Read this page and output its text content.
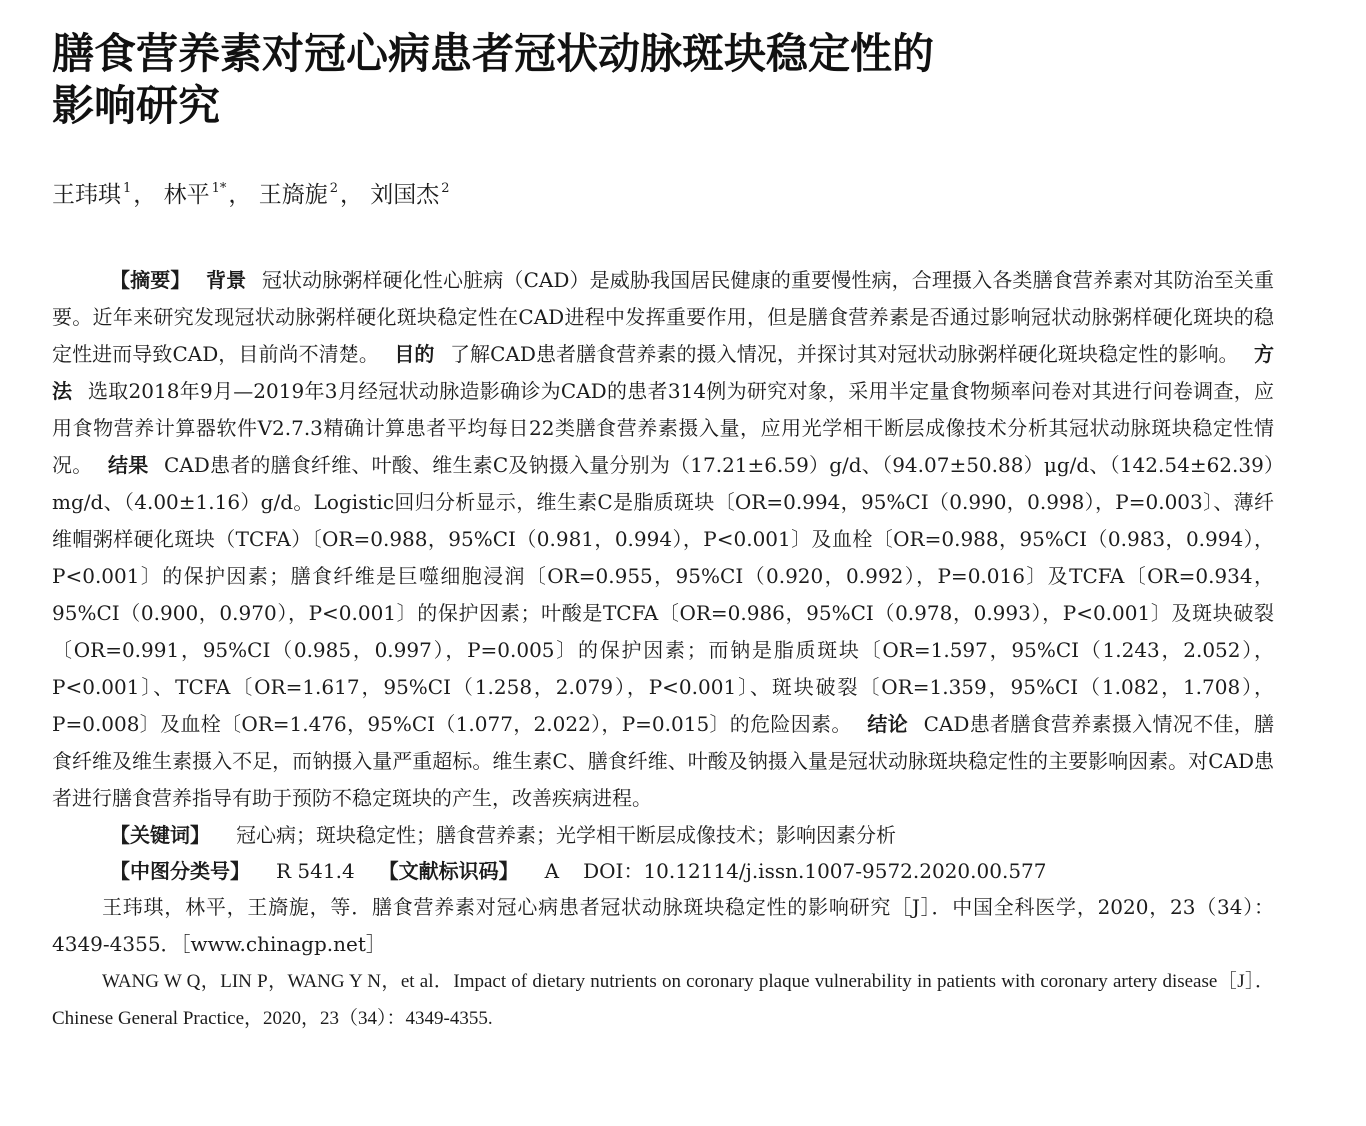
膳食营养素对冠心病患者冠状动脉斑块稳定性的
影响研究
王玮琪 $^1$， 林平 $^{1*}$， 王旖旎 $^2$， 刘国杰 $^2$

【摘要】 背景 冠状动脉粥样硬化性心脏病（CAD）是威胁我国居民健康的重要慢性病，合理摄入各类膳食营养素对其防治至关重要。近年来研究发现冠状动脉粥样硬化斑块稳定性在CAD进程中发挥重要作用，但是膳食营养素是否通过影响冠状动脉粥样硬化斑块的稳定性进而导致CAD，目前尚不清楚。 目的 了解CAD患者膳食营养素的摄入情况，并探讨其对冠状动脉粥样硬化斑块稳定性的影响。 方法 选取2018年9月—2019年3月经冠状动脉造影确诊为CAD的患者314例为研究对象，采用半定量食物频率问卷对其进行问卷调查，应用食物营养计算器软件V2.7.3精确计算患者平均每日22类膳食营养素摄入量，应用光学相干断层成像技术分析其冠状动脉斑块稳定性情况。 结果 CAD患者的膳食纤维、叶酸、维生素C及钠摄入量分别为（17.21±6.59）g/d、（94.07±50.88）μg/d、（142.54±62.39）mg/d、（4.00±1.16）g/d。Logistic回归分析显示，维生素C是脂质斑块〔OR=0.994，95%CI（0.990，0.998），P=0.003〕、薄纤维帽粥样硬化斑块（TCFA）〔OR=0.988，95%CI（0.981，0.994），P<0.001〕及血栓〔OR=0.988，95%CI（0.983，0.994），P<0.001〕的保护因素；膳食纤维是巨噬细胞浸润〔OR=0.955，95%CI（0.920，0.992），P=0.016〕及TCFA〔OR=0.934，95%CI（0.900，0.970），P<0.001〕的保护因素；叶酸是TCFA〔OR=0.986，95%CI（0.978，0.993），P<0.001〕及斑块破裂〔OR=0.991，95%CI（0.985，0.997），P=0.005〕的保护因素；而钠是脂质斑块〔OR=1.597，95%CI（1.243，2.052），P<0.001〕、TCFA〔OR=1.617，95%CI（1.258，2.079），P<0.001〕、斑块破裂〔OR=1.359，95%CI（1.082，1.708），P=0.008〕及血栓〔OR=1.476，95%CI（1.077，2.022），P=0.015〕的危险因素。 结论 CAD患者膳食营养素摄入情况不佳，膳食纤维及维生素摄入不足，而钠摄入量严重超标。维生素C、膳食纤维、叶酸及钠摄入量是冠状动脉斑块稳定性的主要影响因素。对CAD患者进行膳食营养指导有助于预防不稳定斑块的产生，改善疾病进程。

【关键词】 冠心病；斑块稳定性；膳食营养素；光学相干断层成像技术；影响因素分析
【中图分类号】 R 541.4 【文献标识码】 A DOI：10.12114/j.issn.1007-9572.2020.00.577
王玮琪，林平，王旖旎，等．膳食营养素对冠心病患者冠状动脉斑块稳定性的影响研究［J］．中国全科医学，2020，23（34）：4349-4355．［www.chinagp.net］
WANG W Q，LIN P，WANG Y N，et al．Impact of dietary nutrients on coronary plaque vulnerability in patients with coronary artery disease［J］．Chinese General Practice，2020，23（34）：4349-4355.
